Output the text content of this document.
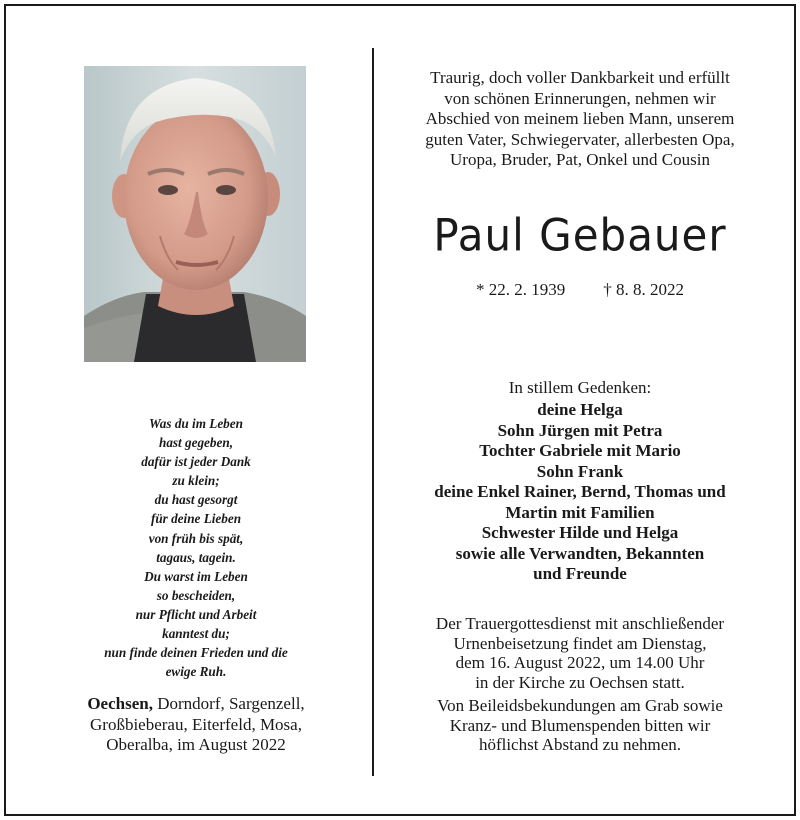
Was du im Leben
hast gegeben,
dafür ist jeder Dank
zu klein;
du hast gesorgt
für deine Lieben
von früh bis spät,
tagaus, tagein.
Du warst im Leben
so bescheiden,
nur Pflicht und Arbeit
kanntest du;
nun finde deinen Frieden und die
ewige Ruh.
Oechsen, Dorndorf, Sargenzell,
Großbieberau, Eiterfeld, Mosa,
Oberalba, im August 2022
Traurig, doch voller Dankbarkeit und erfüllt
von schönen Erinnerungen, nehmen wir
Abschied von meinem lieben Mann, unserem
guten Vater, Schwiegervater, allerbesten Opa,
Uropa, Bruder, Pat, Onkel und Cousin
Paul Gebauer
* 22. 2. 1939 † 8. 8. 2022
In stillem Gedenken:
deine Helga
Sohn Jürgen mit Petra
Tochter Gabriele mit Mario
Sohn Frank
deine Enkel Rainer, Bernd, Thomas und
Martin mit Familien
Schwester Hilde und Helga
sowie alle Verwandten, Bekannten
und Freunde
Der Trauergottesdienst mit anschließender
Urnenbeisetzung findet am Dienstag,
dem 16. August 2022, um 14.00 Uhr
in der Kirche zu Oechsen statt.
Von Beileidsbekundungen am Grab sowie
Kranz- und Blumenspenden bitten wir
höflichst Abstand zu nehmen.
